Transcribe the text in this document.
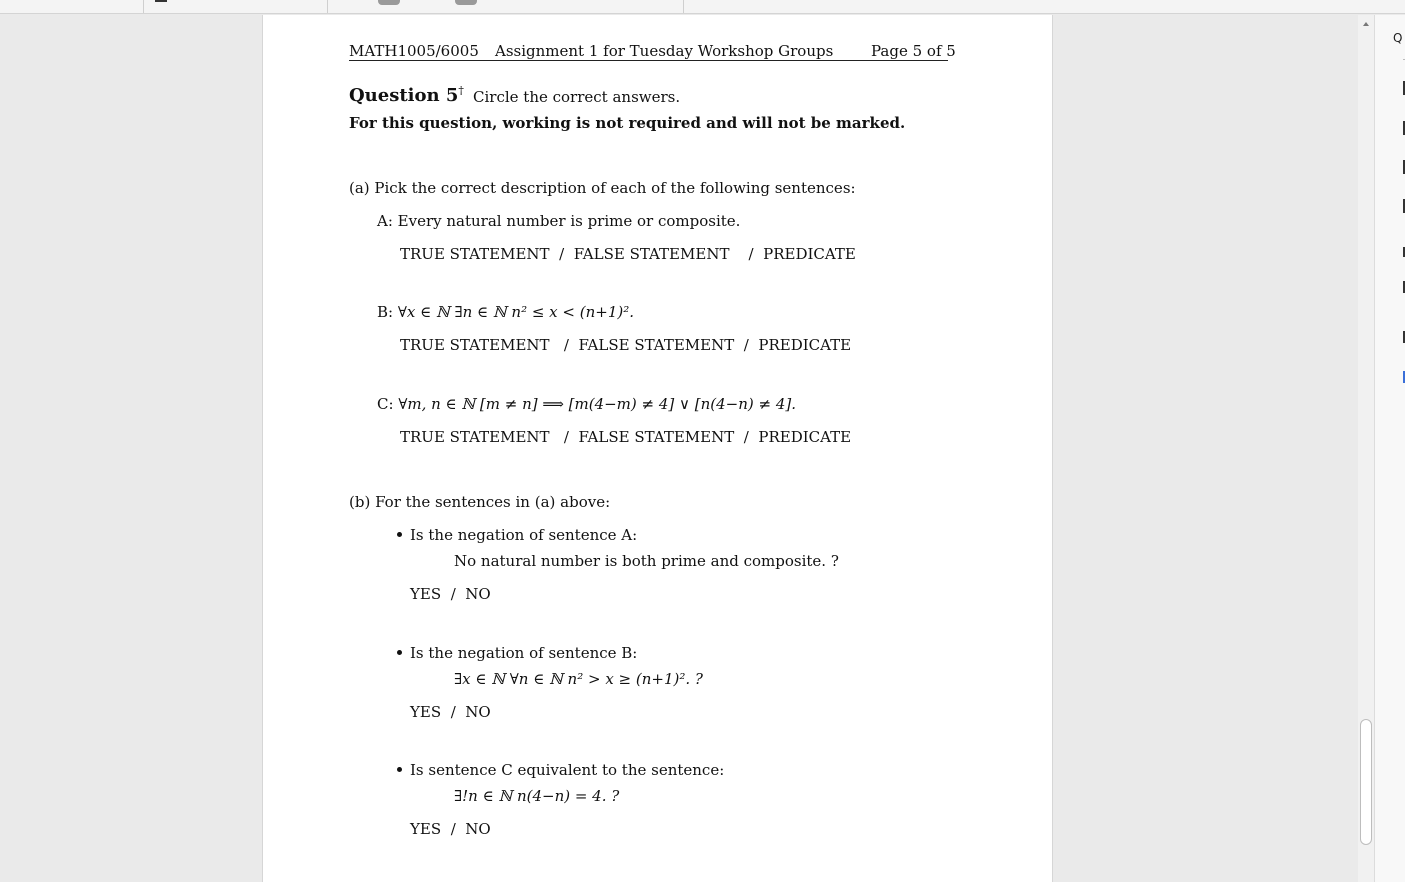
MATH1005/6005 Assignment 1 for Tuesday Workshop Groups	Page 5 of 5
Question 5† Circle the correct answers.
For this question, working is not required and will not be marked.
(a) Pick the correct description of each of the following sentences:
A: Every natural number is prime or composite.
TRUE STATEMENT / FALSE STATEMENT / PREDICATE
B: ∀x ∈ ℕ ∃n ∈ ℕ n² ≤ x < (n+1)².
TRUE STATEMENT / FALSE STATEMENT / PREDICATE
C: ∀m, n ∈ ℕ [m ≠ n] ⟹ [m(4−m) ≠ 4] ∨ [n(4−n) ≠ 4].
TRUE STATEMENT / FALSE STATEMENT / PREDICATE
(b) For the sentences in (a) above:
Is the negation of sentence A:
No natural number is both prime and composite. ?
YES / NO
Is the negation of sentence B:
∃x ∈ ℕ ∀n ∈ ℕ n² > x ≥ (n+1)². ?
YES / NO
Is sentence C equivalent to the sentence:
∃!n ∈ ℕ n(4−n) = 4. ?
YES / NO
Q
